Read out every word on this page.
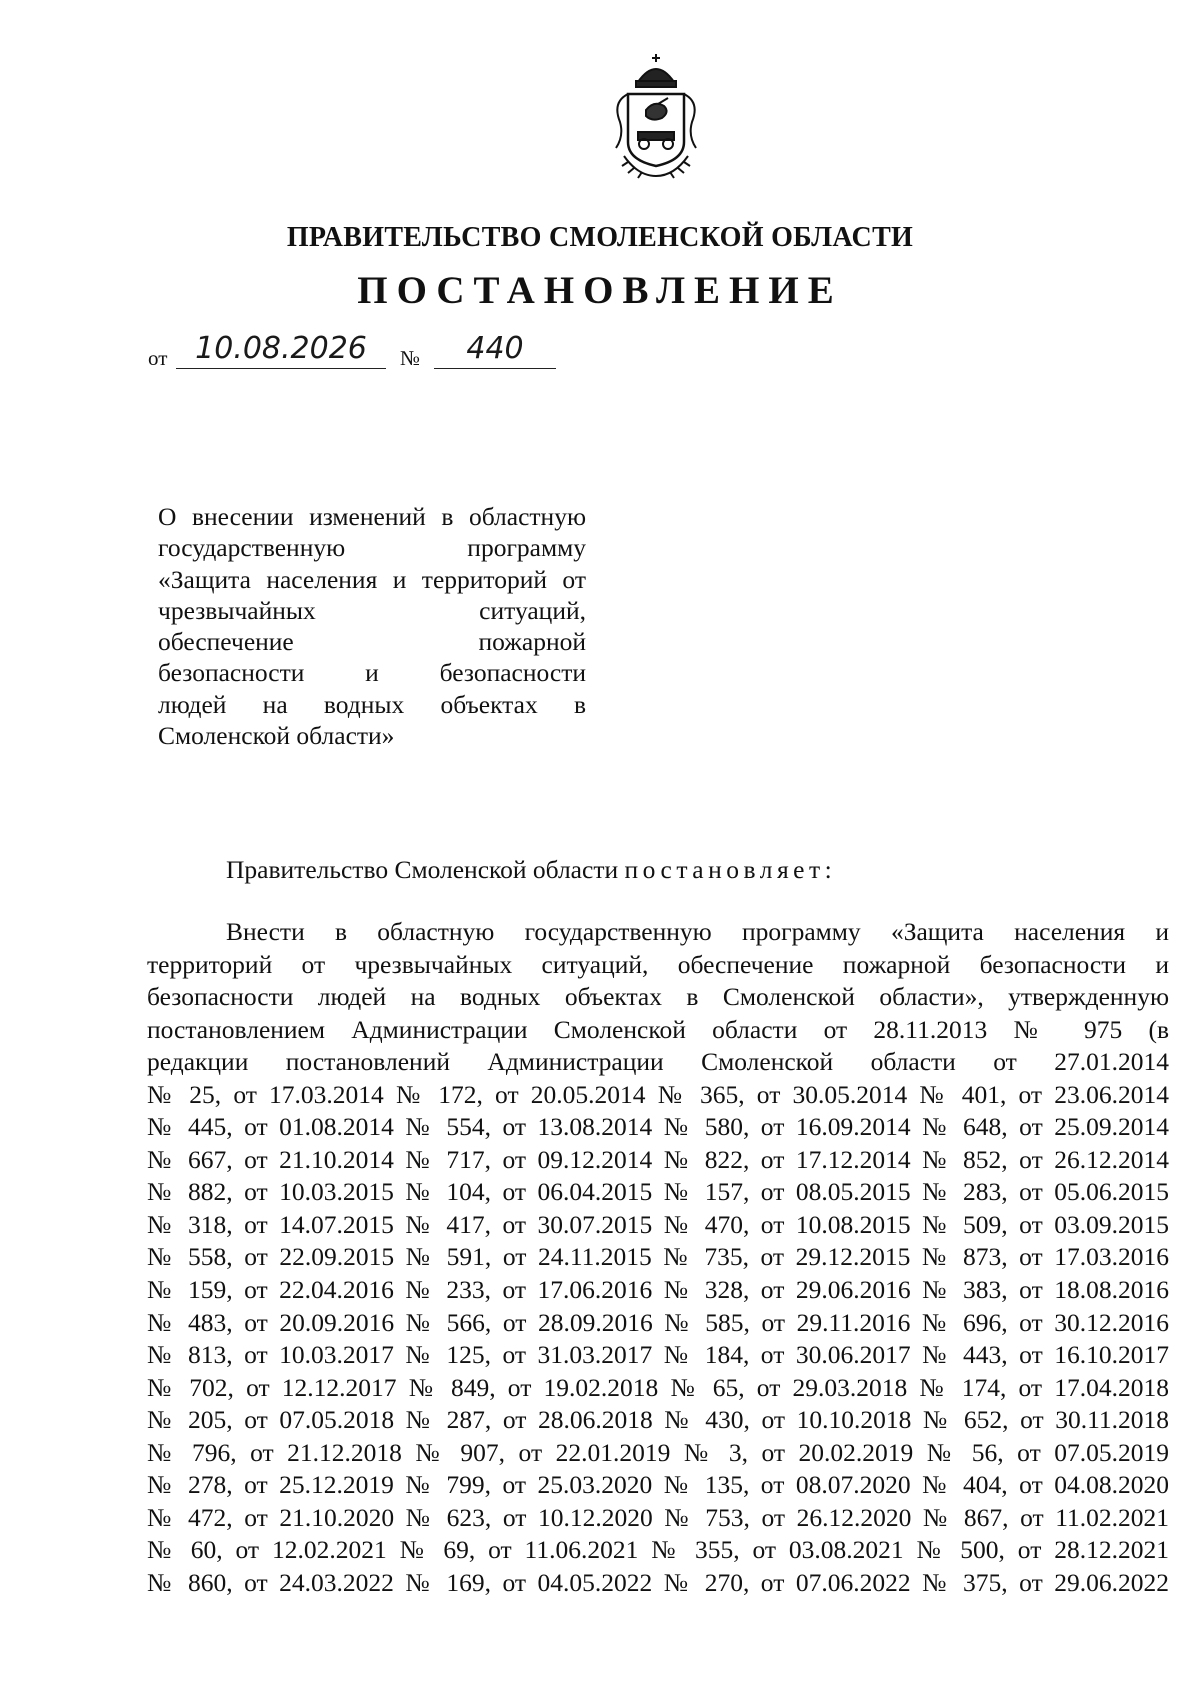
ПРАВИТЕЛЬСТВО СМОЛЕНСКОЙ ОБЛАСТИ
ПОСТАНОВЛЕНИЕ
от 10.08.2026	№	440
О внесении изменений в областную
государственную программу
«Защита населения и территорий от
чрезвычайных ситуаций,
обеспечение пожарной
безопасности и безопасности
людей на водных объектах в
Смоленской области»
Правительство Смоленской области постановляет:
Внести в областную государственную программу «Защита населения и
территорий от чрезвычайных ситуаций, обеспечение пожарной безопасности и
безопасности людей на водных объектах в Смоленской области», утвержденную
постановлением Администрации Смоленской области от 28.11.2013 № 975 (в
редакции постановлений Администрации Смоленской области от 27.01.2014
№ 25, от 17.03.2014 № 172, от 20.05.2014 № 365, от 30.05.2014 № 401, от 23.06.2014
№ 445, от 01.08.2014 № 554, от 13.08.2014 № 580, от 16.09.2014 № 648, от 25.09.2014
№ 667, от 21.10.2014 № 717, от 09.12.2014 № 822, от 17.12.2014 № 852, от 26.12.2014
№ 882, от 10.03.2015 № 104, от 06.04.2015 № 157, от 08.05.2015 № 283, от 05.06.2015
№ 318, от 14.07.2015 № 417, от 30.07.2015 № 470, от 10.08.2015 № 509, от 03.09.2015
№ 558, от 22.09.2015 № 591, от 24.11.2015 № 735, от 29.12.2015 № 873, от 17.03.2016
№ 159, от 22.04.2016 № 233, от 17.06.2016 № 328, от 29.06.2016 № 383, от 18.08.2016
№ 483, от 20.09.2016 № 566, от 28.09.2016 № 585, от 29.11.2016 № 696, от 30.12.2016
№ 813, от 10.03.2017 № 125, от 31.03.2017 № 184, от 30.06.2017 № 443, от 16.10.2017
№ 702, от 12.12.2017 № 849, от 19.02.2018 № 65, от 29.03.2018 № 174, от 17.04.2018
№ 205, от 07.05.2018 № 287, от 28.06.2018 № 430, от 10.10.2018 № 652, от 30.11.2018
№ 796, от 21.12.2018 № 907, от 22.01.2019 № 3, от 20.02.2019 № 56, от 07.05.2019
№ 278, от 25.12.2019 № 799, от 25.03.2020 № 135, от 08.07.2020 № 404, от 04.08.2020
№ 472, от 21.10.2020 № 623, от 10.12.2020 № 753, от 26.12.2020 № 867, от 11.02.2021
№ 60, от 12.02.2021 № 69, от 11.06.2021 № 355, от 03.08.2021 № 500, от 28.12.2021
№ 860, от 24.03.2022 № 169, от 04.05.2022 № 270, от 07.06.2022 № 375, от 29.06.2022
